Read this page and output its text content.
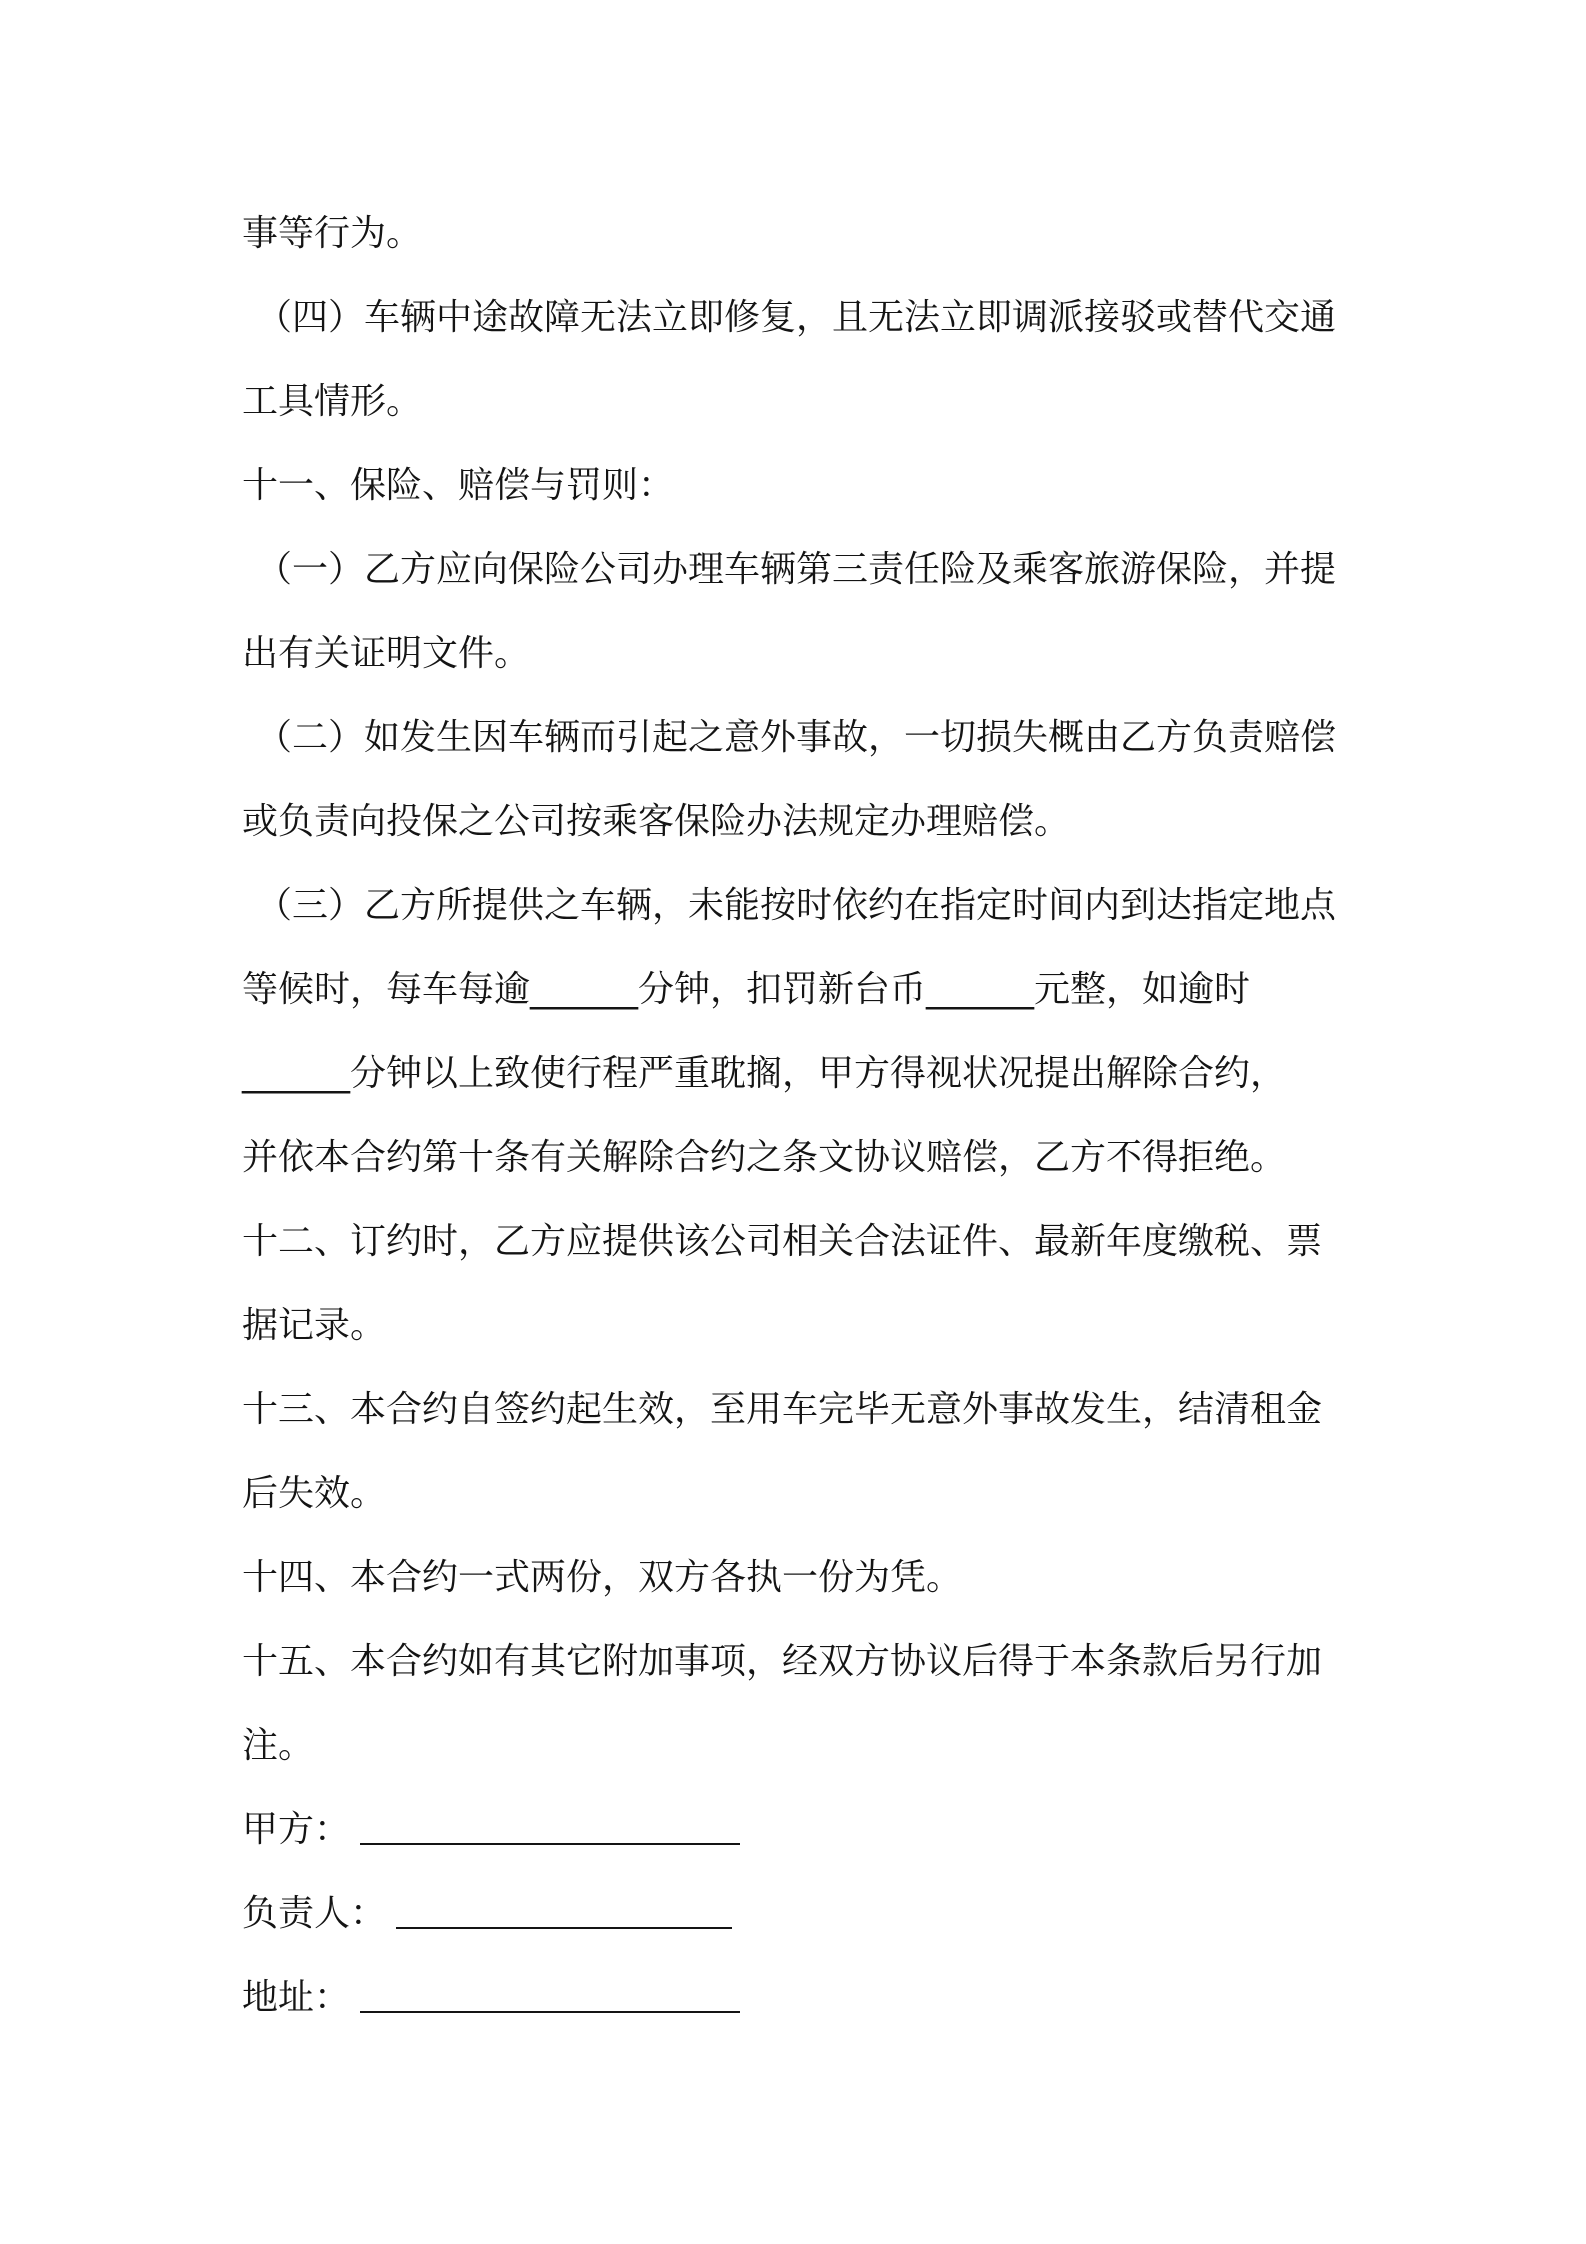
事等行为。
（四）车辆中途故障无法立即修复，且无法立即调派接驳或替代交通
工具情形。
十一、保险、赔偿与罚则：
（一）乙方应向保险公司办理车辆第三责任险及乘客旅游保险，并提
出有关证明文件。
（二）如发生因车辆而引起之意外事故，一切损失概由乙方负责赔偿
或负责向投保之公司按乘客保险办法规定办理赔偿。
（三）乙方所提供之车辆，未能按时依约在指定时间内到达指定地点
等候时，每车每逾______分钟，扣罚新台币______元整，如逾时
______分钟以上致使行程严重耽搁，甲方得视状况提出解除合约，
并依本合约第十条有关解除合约之条文协议赔偿，乙方不得拒绝。
十二、订约时，乙方应提供该公司相关合法证件、最新年度缴税、票
据记录。
十三、本合约自签约起生效，至用车完毕无意外事故发生，结清租金
后失效。
十四、本合约一式两份，双方各执一份为凭。
十五、本合约如有其它附加事项，经双方协议后得于本条款后另行加
注。
甲方：
负责人：
地址：
